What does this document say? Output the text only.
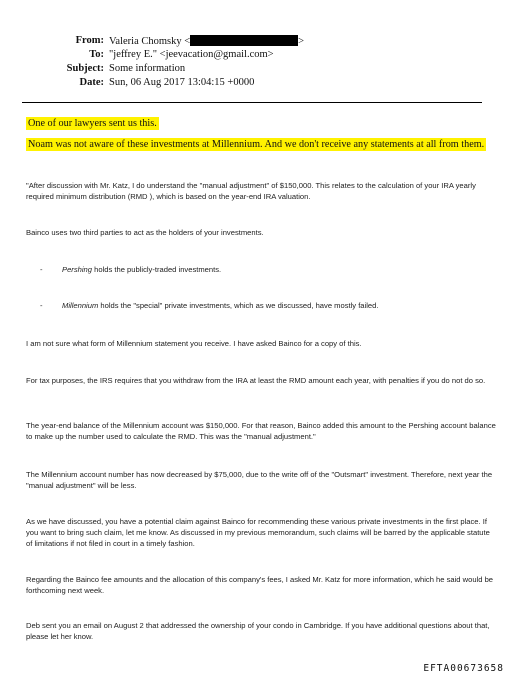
From: Valeria Chomsky <	>
To: "jeffrey E." <jeevacation@gmail.com>
Subject: Some information
Date: Sun, 06 Aug 2017 13:04:15 +0000
One of our lawyers sent us this.
Noam was not aware of these investments at Millennium. And we don't receive any statements at all from them.
"After discussion with Mr. Katz, I do understand the "manual adjustment" of $150,000. This relates to the calculation of your IRA yearly required minimum distribution (RMD ), which is based on the year-end IRA valuation.
Bainco uses two third parties to act as the holders of your investments.
-	Pershing holds the publicly-traded investments.
-	Millennium holds the "special" private investments, which as we discussed, have mostly failed.
I am not sure what form of Millennium statement you receive. I have asked Bainco for a copy of this.
For tax purposes, the IRS requires that you withdraw from the IRA at least the RMD amount each year, with penalties if you do not do so.
The year-end balance of the Millennium account was $150,000. For that reason, Bainco added this amount to the Pershing account balance to make up the number used to calculate the RMD. This was the "manual adjustment."
The Millennium account number has now decreased by $75,000, due to the write off of the "Outsmart" investment. Therefore, next year the "manual adjustment" will be less.
As we have discussed, you have a potential claim against Bainco for recommending these various private investments in the first place. If you want to bring such claim, let me know. As discussed in my previous memorandum, such claims will be barred by the applicable statute of limitations if not filed in court in a timely fashion.
Regarding the Bainco fee amounts and the allocation of this company's fees, I asked Mr. Katz for more information, which he said would be forthcoming next week.
Deb sent you an email on August 2 that addressed the ownership of your condo in Cambridge. If you have additional questions about that, please let her know.
EFTA00673658
